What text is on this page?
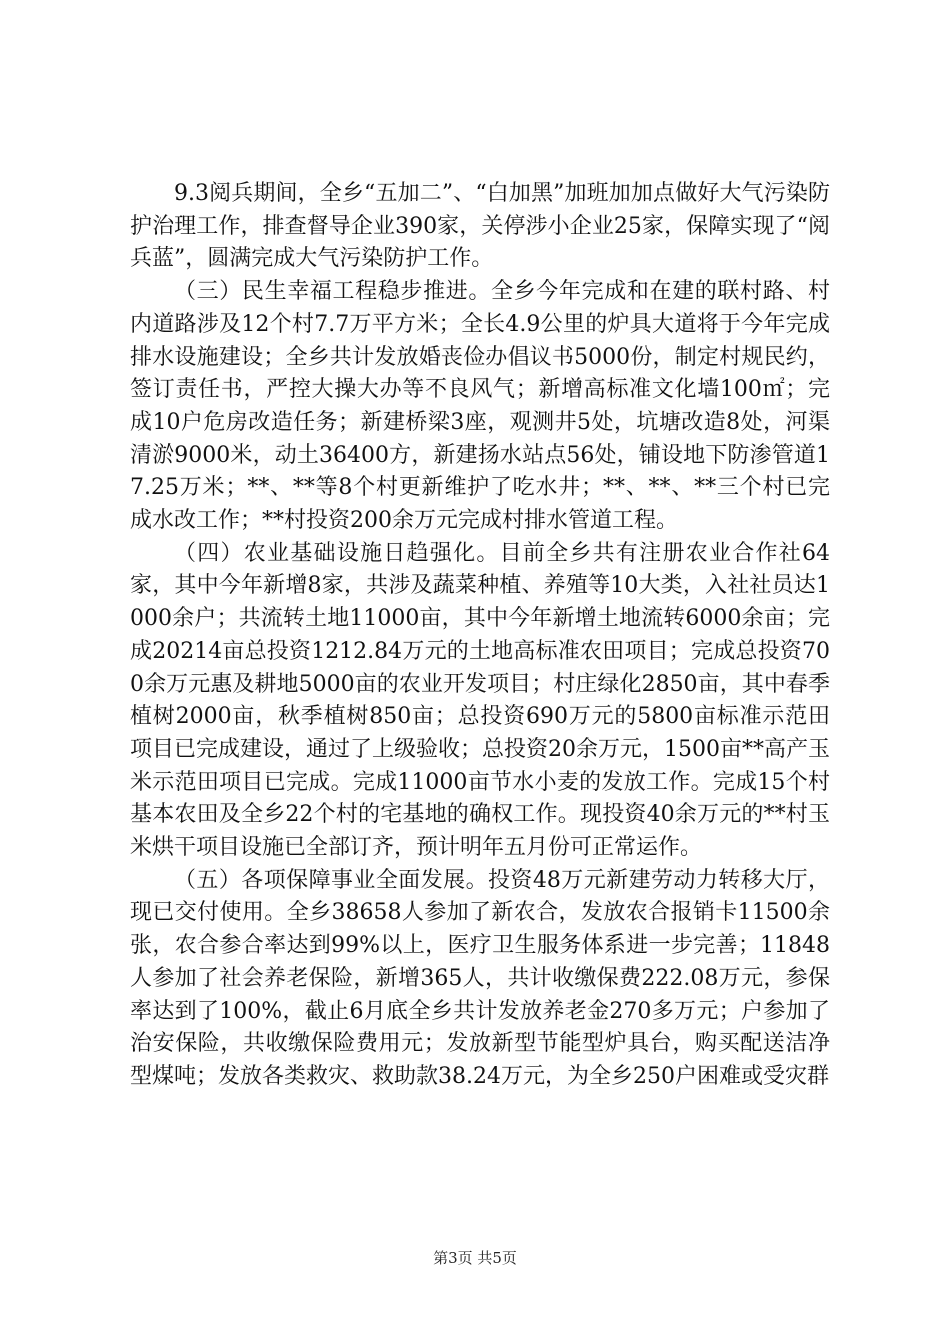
9.3阅兵期间，全乡“五加二”、“白加黑”加班加加点做好大气污染防护治理工作，排查督导企业390家，关停涉小企业25家，保障实现了“阅兵蓝”，圆满完成大气污染防护工作。

（三）民生幸福工程稳步推进。全乡今年完成和在建的联村路、村内道路涉及12个村7.7万平方米；全长4.9公里的炉具大道将于今年完成排水设施建设；全乡共计发放婚丧俭办倡议书5000份，制定村规民约，签订责任书，严控大操大办等不良风气；新增高标准文化墙100㎡；完成10户危房改造任务；新建桥梁3座，观测井5处，坑塘改造8处，河渠清淤9000米，动土36400方，新建扬水站点56处，铺设地下防渗管道17.25万米；**、**等8个村更新维护了吃水井；**、**、**三个村已完成水改工作；**村投资200余万元完成村排水管道工程。

（四）农业基础设施日趋强化。目前全乡共有注册农业合作社64家，其中今年新增8家，共涉及蔬菜种植、养殖等10大类，入社社员达1000余户；共流转土地11000亩，其中今年新增土地流转6000余亩；完成20214亩总投资1212.84万元的土地高标准农田项目；完成总投资700余万元惠及耕地5000亩的农业开发项目；村庄绿化2850亩，其中春季植树2000亩，秋季植树850亩；总投资690万元的5800亩标准示范田项目已完成建设，通过了上级验收；总投资20余万元，1500亩**高产玉米示范田项目已完成。完成11000亩节水小麦的发放工作。完成15个村基本农田及全乡22个村的宅基地的确权工作。现投资40余万元的**村玉米烘干项目设施已全部订齐，预计明年五月份可正常运作。

（五）各项保障事业全面发展。投资48万元新建劳动力转移大厅，现已交付使用。全乡38658人参加了新农合，发放农合报销卡11500余张，农合参合率达到99%以上，医疗卫生服务体系进一步完善；11848人参加了社会养老保险，新增365人，共计收缴保费222.08万元，参保率达到了100%，截止6月底全乡共计发放养老金270多万元；户参加了治安保险，共收缴保险费用元；发放新型节能型炉具台，购买配送洁净型煤吨；发放各类救灾、救助款38.24万元，为全乡250户困难或受灾群

第3页 共5页
